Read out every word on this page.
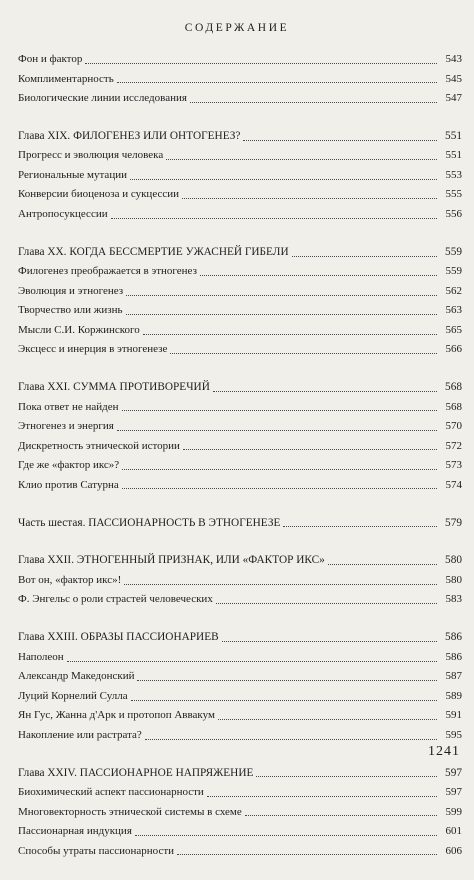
СОДЕРЖАНИЕ
Фон и фактор	543
Комплиментарность	545
Биологические линии исследования	547
Глава XIX. ФИЛОГЕНЕЗ ИЛИ ОНТОГЕНЕЗ?	551
Прогресс и эволюция человека	551
Региональные мутации	553
Конверсии биоценоза и сукцессии	555
Антропосукцессии	556
Глава XX. КОГДА БЕССМЕРТИЕ УЖАСНЕЙ ГИБЕЛИ	559
Филогенез преображается в этногенез	559
Эволюция и этногенез	562
Творчество или жизнь	563
Мысли С.И. Коржинского	565
Эксцесс и инерция в этногенезе	566
Глава XXI. СУММА ПРОТИВОРЕЧИЙ	568
Пока ответ не найден	568
Этногенез и энергия	570
Дискретность этнической истории	572
Где же «фактор икс»?	573
Клио против Сатурна	574
Часть шестая. ПАССИОНАРНОСТЬ В ЭТНОГЕНЕЗЕ	579
Глава XXII. ЭТНОГЕННЫЙ ПРИЗНАК, ИЛИ «ФАКТОР ИКС»	580
Вот он, «фактор икс»!	580
Ф. Энгельс о роли страстей человеческих	583
Глава XXIII. ОБРАЗЫ ПАССИОНАРИЕВ	586
Наполеон	586
Александр Македонский	587
Луций Корнелий Сулла	589
Ян Гус, Жанна д'Арк и протопоп Аввакум	591
Накопление или растрата?	595
Глава XXIV. ПАССИОНАРНОЕ НАПРЯЖЕНИЕ	597
Биохимический аспект пассионарности	597
Многовекторность этнической системы в схеме	599
Пассионарная индукция	601
Способы утраты пассионарности	606
1241
